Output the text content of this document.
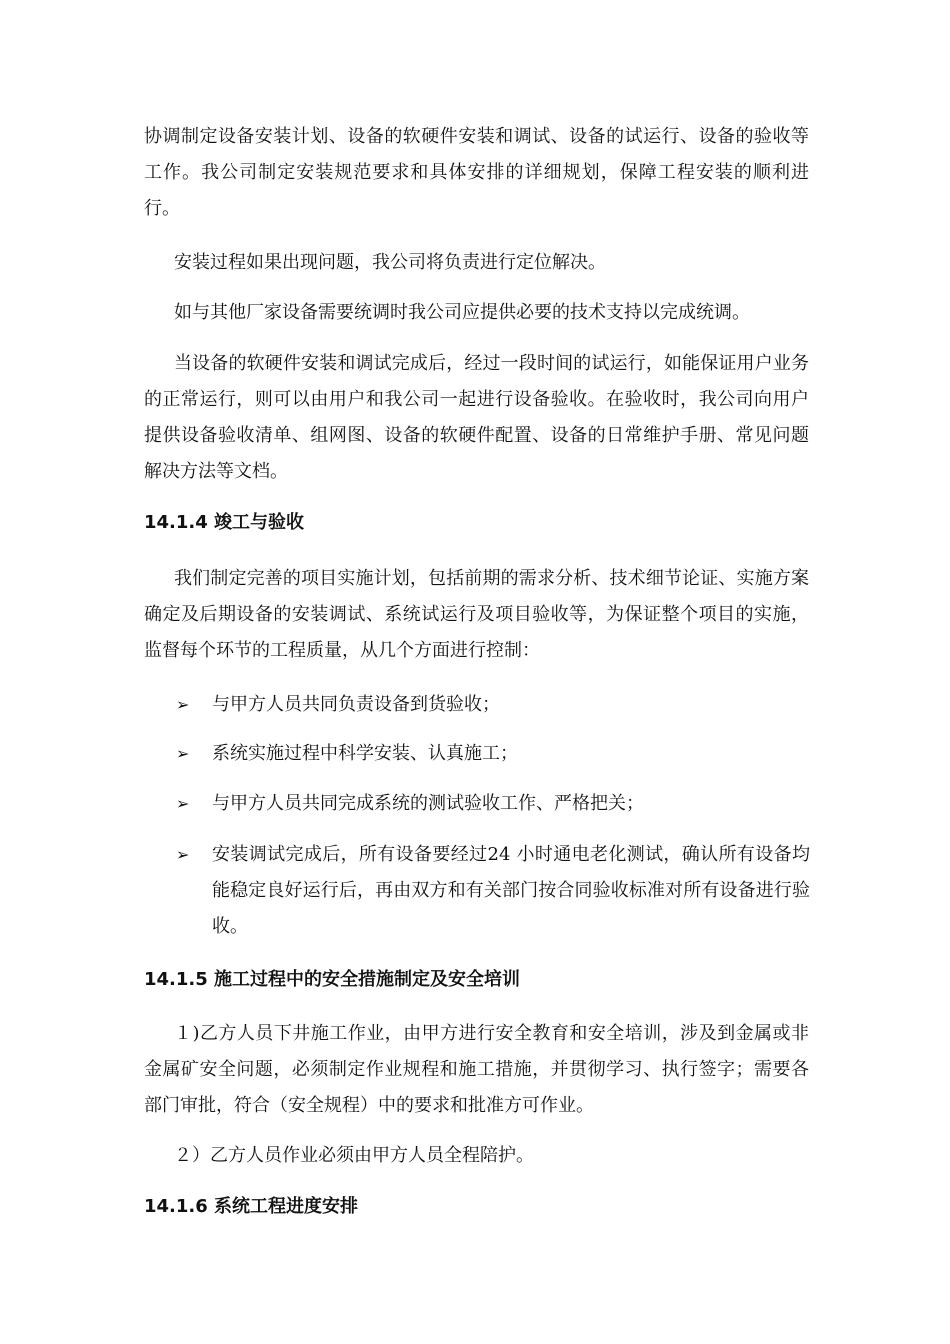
协调制定设备安装计划、设备的软硬件安装和调试、设备的试运行、设备的验收等工作。我公司制定安装规范要求和具体安排的详细规划，保障工程安装的顺利进行。

安装过程如果出现问题，我公司将负责进行定位解决。

如与其他厂家设备需要统调时我公司应提供必要的技术支持以完成统调。

当设备的软硬件安装和调试完成后，经过一段时间的试运行，如能保证用户业务的正常运行，则可以由用户和我公司一起进行设备验收。在验收时，我公司向用户提供设备验收清单、组网图、设备的软硬件配置、设备的日常维护手册、常见问题解决方法等文档。

14.1.4 竣工与验收

我们制定完善的项目实施计划，包括前期的需求分析、技术细节论证、实施方案确定及后期设备的安装调试、系统试运行及项目验收等，为保证整个项目的实施，监督每个环节的工程质量，从几个方面进行控制：

➢	与甲方人员共同负责设备到货验收；
➢	系统实施过程中科学安装、认真施工；
➢	与甲方人员共同完成系统的测试验收工作、严格把关；
➢	安装调试完成后，所有设备要经过24 小时通电老化测试，确认所有设备均能稳定良好运行后，再由双方和有关部门按合同验收标准对所有设备进行验收。
14.1.5 施工过程中的安全措施制定及安全培训

１)乙方人员下井施工作业，由甲方进行安全教育和安全培训，涉及到金属或非金属矿安全问题，必须制定作业规程和施工措施，并贯彻学习、执行签字；需要各部门审批，符合（安全规程）中的要求和批准方可作业。

２）乙方人员作业必须由甲方人员全程陪护。

14.1.6 系统工程进度安排
